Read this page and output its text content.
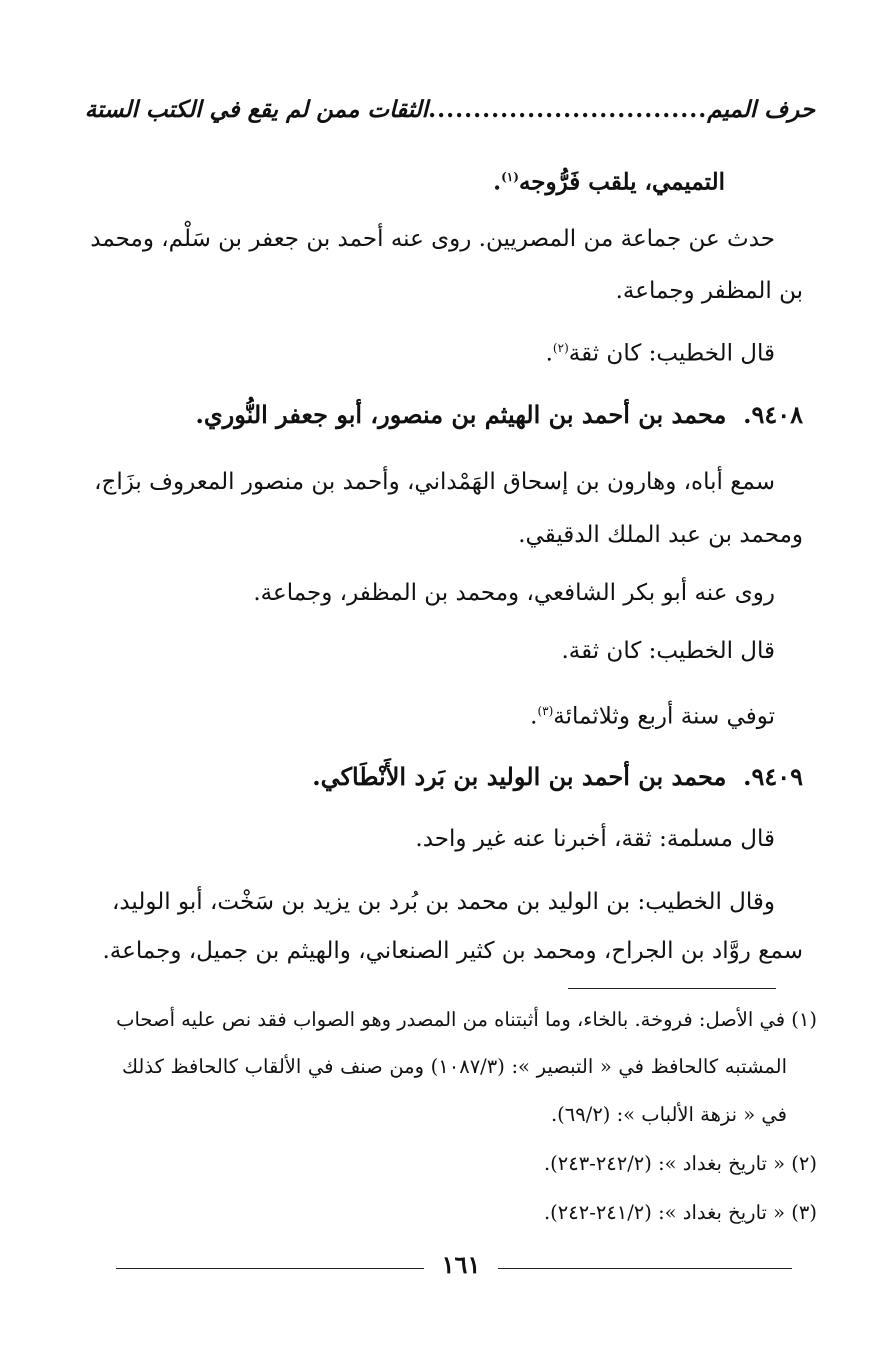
حرف الميم
...............................
الثقات ممن لم يقع في الكتب الستة
التميمي، يلقب فَرُّوجه$^{(١)}$.
حدث عن جماعة من المصريين. روى عنه أحمد بن جعفر بن سَلْم، ومحمد
بن المظفر وجماعة.
قال الخطيب: كان ثقة$^{(٢)}$.
٩٤٠٨.  محمد بن أحمد بن الهيثم بن منصور، أبو جعفر النُّوري.
سمع أباه، وهارون بن إسحاق الهَمْداني، وأحمد بن منصور المعروف بزَاج،
ومحمد بن عبد الملك الدقيقي.
روى عنه أبو بكر الشافعي، ومحمد بن المظفر، وجماعة.
قال الخطيب: كان ثقة.
توفي سنة أربع وثلاثمائة$^{(٣)}$.
٩٤٠٩.  محمد بن أحمد بن الوليد بن بَرد الأَنْطَاكي.
قال مسلمة: ثقة، أخبرنا عنه غير واحد.
وقال الخطيب: بن الوليد بن محمد بن بُرد بن يزيد بن سَخْت، أبو الوليد،
سمع روَّاد بن الجراح، ومحمد بن كثير الصنعاني، والهيثم بن جميل، وجماعة.
(١) في الأصل: فروخة. بالخاء، وما أثبتناه من المصدر وهو الصواب فقد نص عليه أصحاب
المشتبه كالحافظ في « التبصير »: (١٠٨٧/٣) ومن صنف في الألقاب كالحافظ كذلك
في « نزهة الألباب »: (٦٩/٢).
(٢) « تاريخ بغداد »: (٢٤٢/٢-٢٤٣).
(٣) « تاريخ بغداد »: (٢٤١/٢-٢٤٢).
١٦١
